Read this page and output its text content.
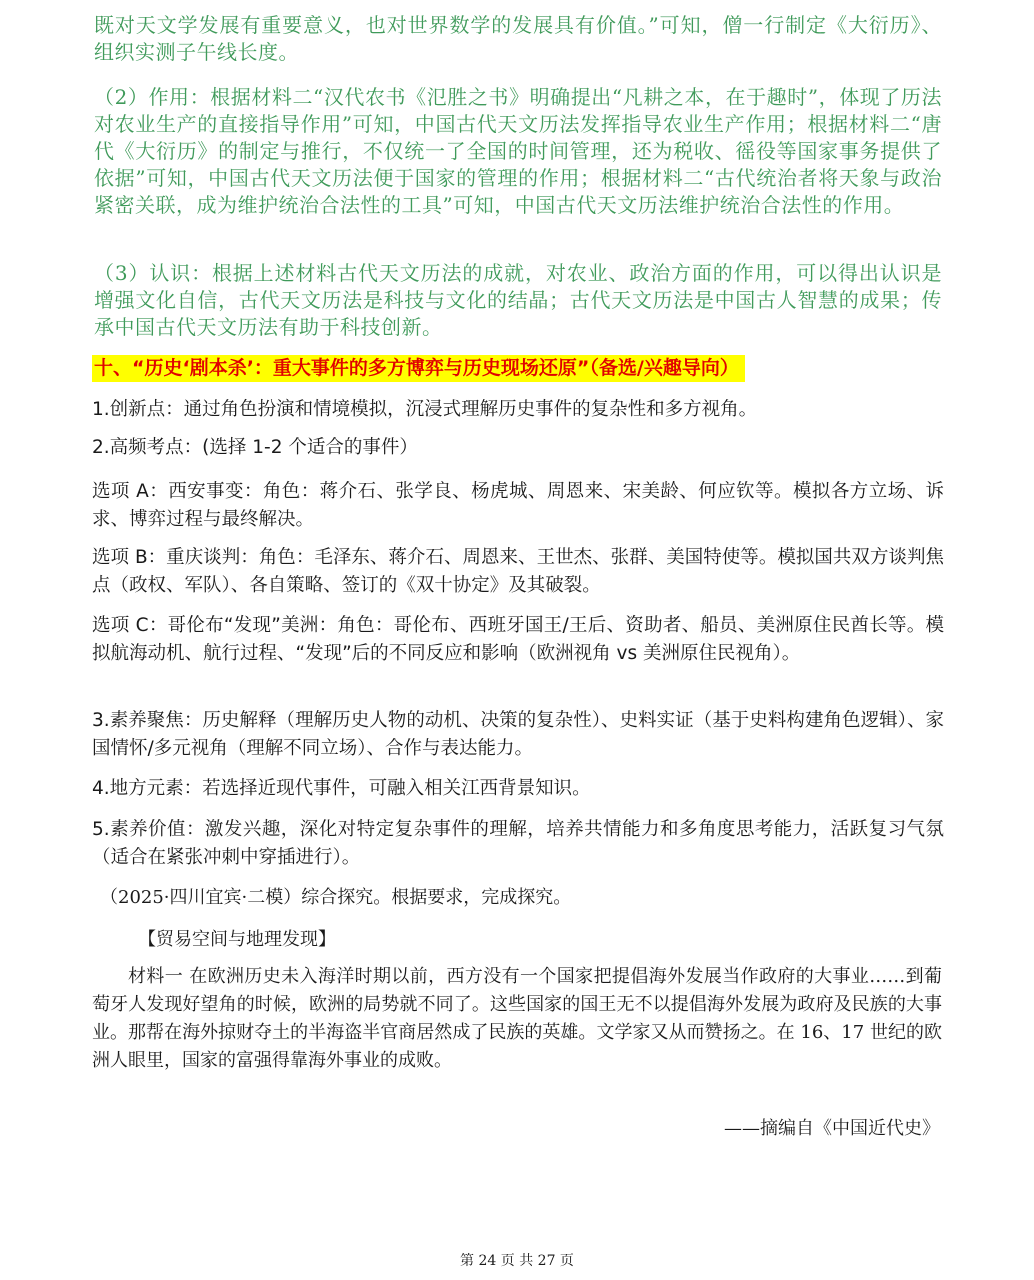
既对天文学发展有重要意义，也对世界数学的发展具有价值。”可知，僧一行制定《大衍历》、组织实测子午线长度。

（2）作用：根据材料二“汉代农书《氾胜之书》明确提出“凡耕之本，在于趣时”，体现了历法对农业生产的直接指导作用”可知，中国古代天文历法发挥指导农业生产作用；根据材料二“唐代《大衍历》的制定与推行，不仅统一了全国的时间管理，还为税收、徭役等国家事务提供了依据”可知，中国古代天文历法便于国家的管理的作用；根据材料二“古代统治者将天象与政治紧密关联，成为维护统治合法性的工具”可知，中国古代天文历法维护统治合法性的作用。

（3）认识：根据上述材料古代天文历法的成就，对农业、政治方面的作用，可以得出认识是增强文化自信，古代天文历法是科技与文化的结晶；古代天文历法是中国古人智慧的成果；传承中国古代天文历法有助于科技创新。

十、“历史‘剧本杀’：重大事件的多方博弈与历史现场还原”（备选/兴趣导向）

1.创新点：通过角色扮演和情境模拟，沉浸式理解历史事件的复杂性和多方视角。

2.高频考点：(选择 1-2 个适合的事件）

选项 A：西安事变：角色：蒋介石、张学良、杨虎城、周恩来、宋美龄、何应钦等。模拟各方立场、诉求、博弈过程与最终解决。

选项 B：重庆谈判：角色：毛泽东、蒋介石、周恩来、王世杰、张群、美国特使等。模拟国共双方谈判焦点（政权、军队）、各自策略、签订的《双十协定》及其破裂。

选项 C：哥伦布“发现”美洲：角色：哥伦布、西班牙国王/王后、资助者、船员、美洲原住民酋长等。模拟航海动机、航行过程、“发现”后的不同反应和影响（欧洲视角 vs 美洲原住民视角）。

3.素养聚焦：历史解释（理解历史人物的动机、决策的复杂性）、史料实证（基于史料构建角色逻辑）、家国情怀/多元视角（理解不同立场）、合作与表达能力。

4.地方元素：若选择近现代事件，可融入相关江西背景知识。

5.素养价值：激发兴趣，深化对特定复杂事件的理解，培养共情能力和多角度思考能力，活跃复习气氛（适合在紧张冲刺中穿插进行）。

（2025·四川宜宾·二模）综合探究。根据要求，完成探究。
【贸易空间与地理发现】

材料一 在欧洲历史未入海洋时期以前，西方没有一个国家把提倡海外发展当作政府的大事业……到葡萄牙人发现好望角的时候，欧洲的局势就不同了。这些国家的国王无不以提倡海外发展为政府及民族的大事业。那帮在海外掠财夺土的半海盗半官商居然成了民族的英雄。文学家又从而赞扬之。在 16、17 世纪的欧洲人眼里，国家的富强得靠海外事业的成败。

——摘编自《中国近代史》
第 24 页 共 27 页
